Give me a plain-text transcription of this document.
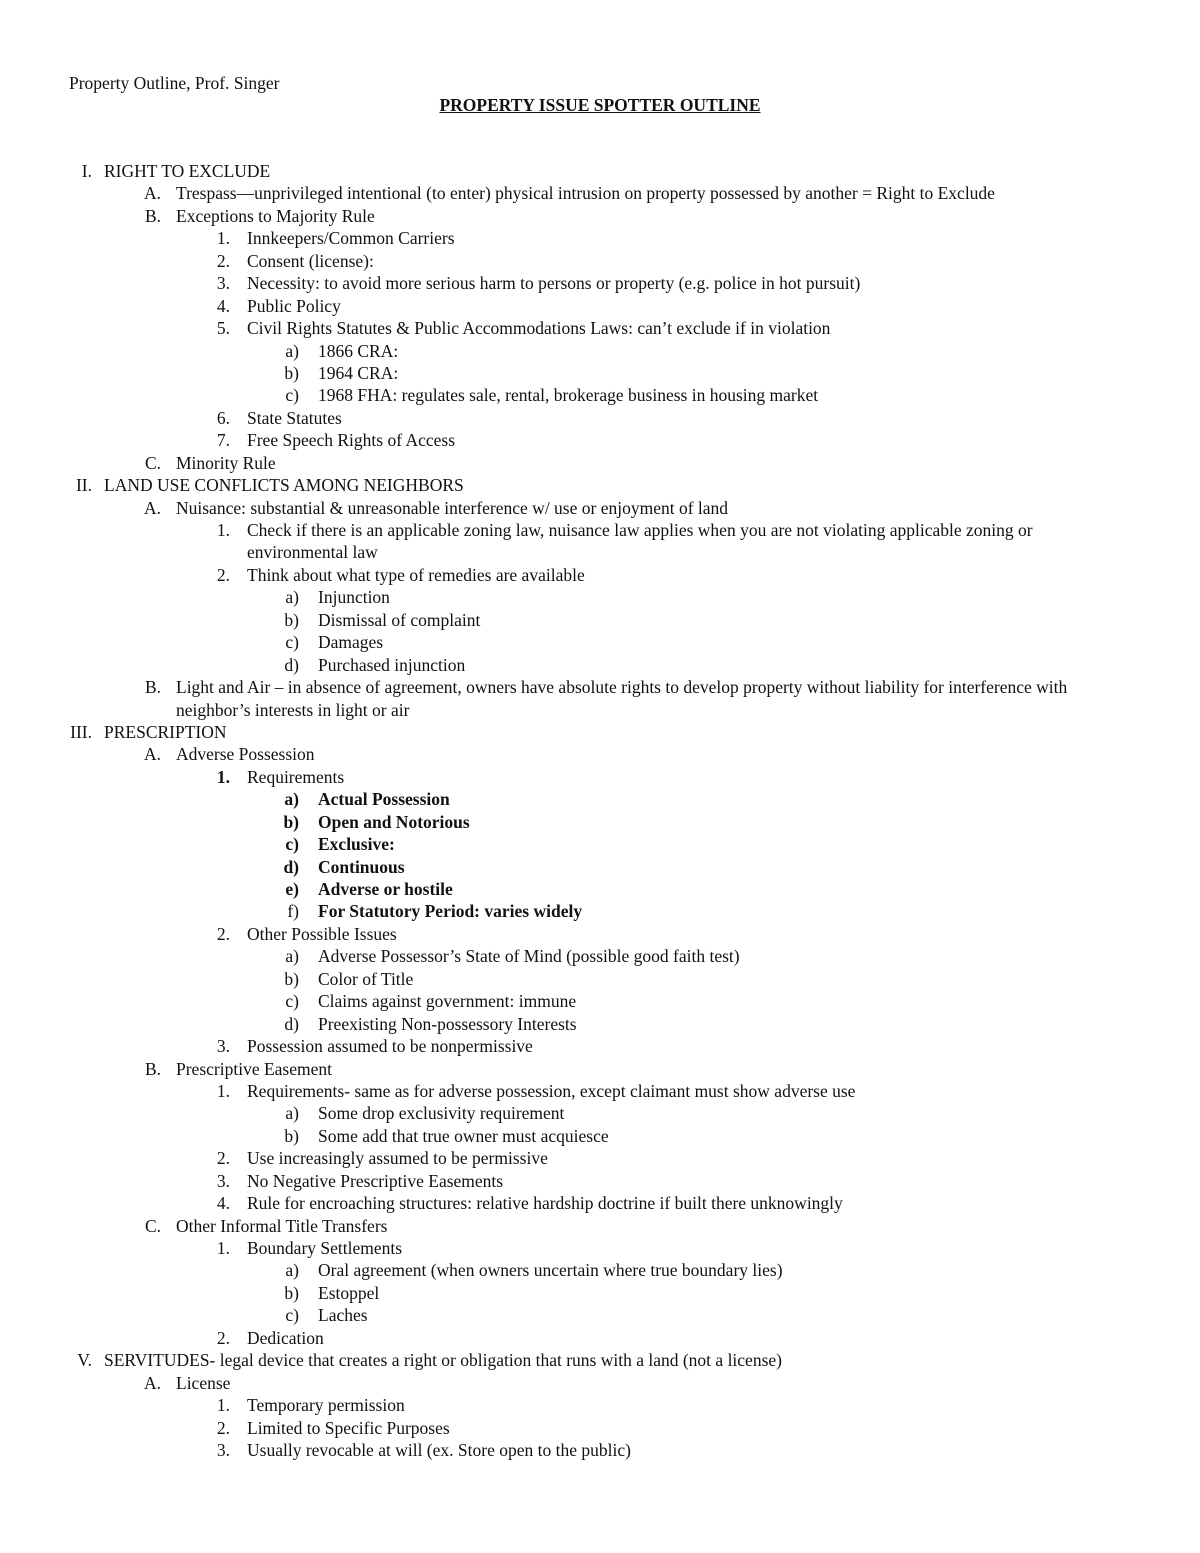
Property Outline, Prof. Singer
PROPERTY ISSUE SPOTTER OUTLINE
I. RIGHT TO EXCLUDE
A. Trespass—unprivileged intentional (to enter) physical intrusion on property possessed by another = Right to Exclude
B. Exceptions to Majority Rule
1. Innkeepers/Common Carriers
2. Consent (license):
3. Necessity: to avoid more serious harm to persons or property (e.g. police in hot pursuit)
4. Public Policy
5. Civil Rights Statutes & Public Accommodations Laws: can’t exclude if in violation
a) 1866 CRA:
b) 1964 CRA:
c) 1968 FHA: regulates sale, rental, brokerage business in housing market
6. State Statutes
7. Free Speech Rights of Access
C. Minority Rule
II. LAND USE CONFLICTS AMONG NEIGHBORS
A. Nuisance: substantial & unreasonable interference w/ use or enjoyment of land
1. Check if there is an applicable zoning law, nuisance law applies when you are not violating applicable zoning or environmental law
2. Think about what type of remedies are available
a) Injunction
b) Dismissal of complaint
c) Damages
d) Purchased injunction
B. Light and Air – in absence of agreement, owners have absolute rights to develop property without liability for interference with neighbor’s interests in light or air
III. PRESCRIPTION
A. Adverse Possession
1. Requirements
a) Actual Possession
b) Open and Notorious
c) Exclusive:
d) Continuous
e) Adverse or hostile
f) For Statutory Period: varies widely
2. Other Possible Issues
a) Adverse Possessor’s State of Mind (possible good faith test)
b) Color of Title
c) Claims against government: immune
d) Preexisting Non-possessory Interests
3. Possession assumed to be nonpermissive
B. Prescriptive Easement
1. Requirements- same as for adverse possession, except claimant must show adverse use
a) Some drop exclusivity requirement
b) Some add that true owner must acquiesce
2. Use increasingly assumed to be permissive
3. No Negative Prescriptive Easements
4. Rule for encroaching structures: relative hardship doctrine if built there unknowingly
C. Other Informal Title Transfers
1. Boundary Settlements
a) Oral agreement (when owners uncertain where true boundary lies)
b) Estoppel
c) Laches
2. Dedication
V. SERVITUDES- legal device that creates a right or obligation that runs with a land (not a license)
A. License
1. Temporary permission
2. Limited to Specific Purposes
3. Usually revocable at will (ex. Store open to the public)
